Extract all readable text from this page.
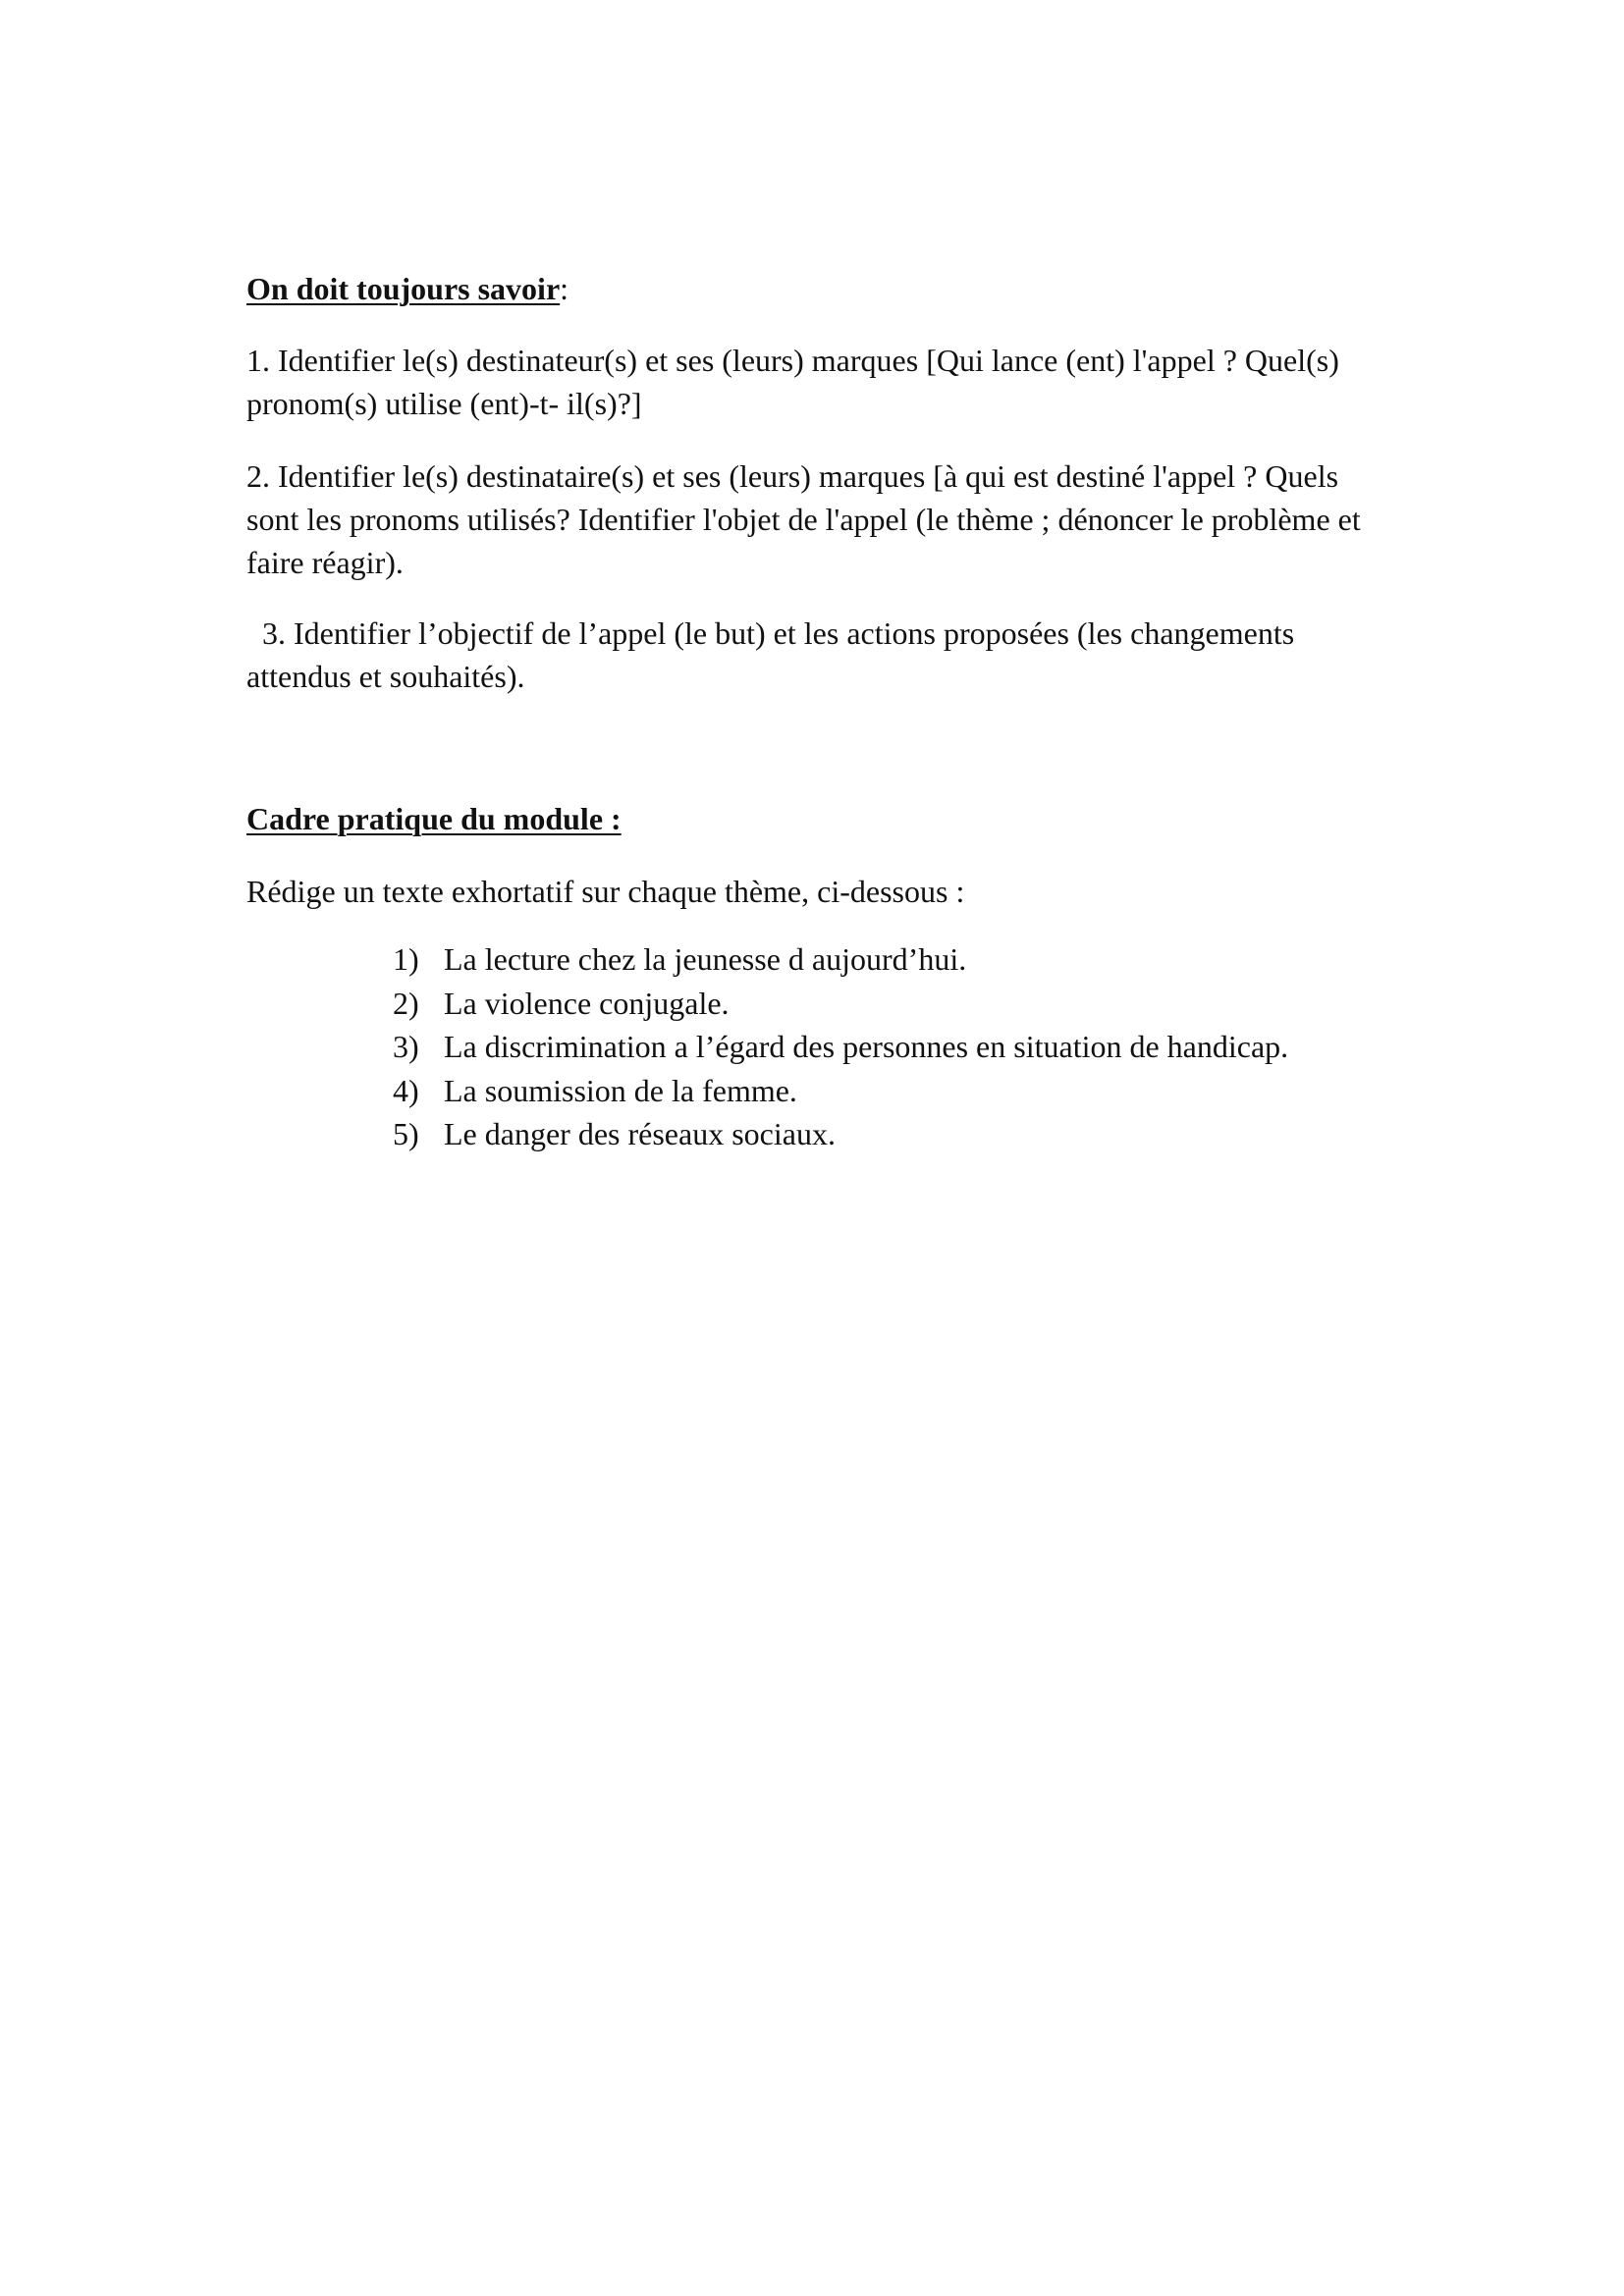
On doit toujours savoir:

1. Identifier le(s) destinateur(s) et ses (leurs) marques [Qui lance (ent) l'appel ? Quel(s) pronom(s) utilise (ent)-t- il(s)?]

2. Identifier le(s) destinataire(s) et ses (leurs) marques [à qui est destiné l'appel ? Quels sont les pronoms utilisés? Identifier l'objet de l'appel (le thème ; dénoncer le problème et faire réagir).

3. Identifier l’objectif de l’appel (le but) et les actions proposées (les changements attendus et souhaités).

Cadre pratique du module :

Rédige un texte exhortatif sur chaque thème, ci-dessous :

1) La lecture chez la jeunesse d aujourd’hui.
2) La violence conjugale.
3) La discrimination a l’égard des personnes en situation de handicap.
4) La soumission de la femme.
5) Le danger des réseaux sociaux.
